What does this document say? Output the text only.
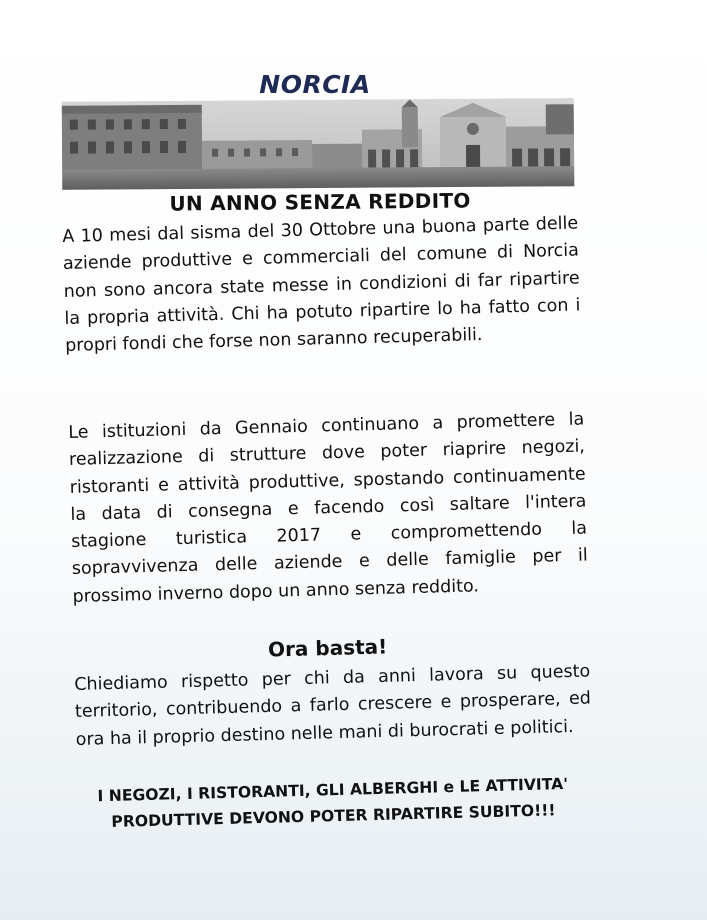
NORCIA
UN ANNO SENZA REDDITO
A 10 mesi dal sisma del 30 Ottobre una buona parte delle aziende produttive e commerciali del comune di Norcia non sono ancora state messe in condizioni di far ripartire la propria attività. Chi ha potuto ripartire lo ha fatto con i propri fondi che forse non saranno recuperabili.
Le istituzioni da Gennaio continuano a promettere la realizzazione di strutture dove poter riaprire negozi, ristoranti e attività produttive, spostando continuamente la data di consegna e facendo così saltare l'intera stagione turistica 2017 e compromettendo la sopravvivenza delle aziende e delle famiglie per il prossimo inverno dopo un anno senza reddito.
Ora basta!
Chiediamo rispetto per chi da anni lavora su questo territorio, contribuendo a farlo crescere e prosperare, ed ora ha il proprio destino nelle mani di burocrati e politici.
I NEGOZI, I RISTORANTI, GLI ALBERGHI e LE ATTIVITA'
PRODUTTIVE DEVONO POTER RIPARTIRE SUBITO!!!
